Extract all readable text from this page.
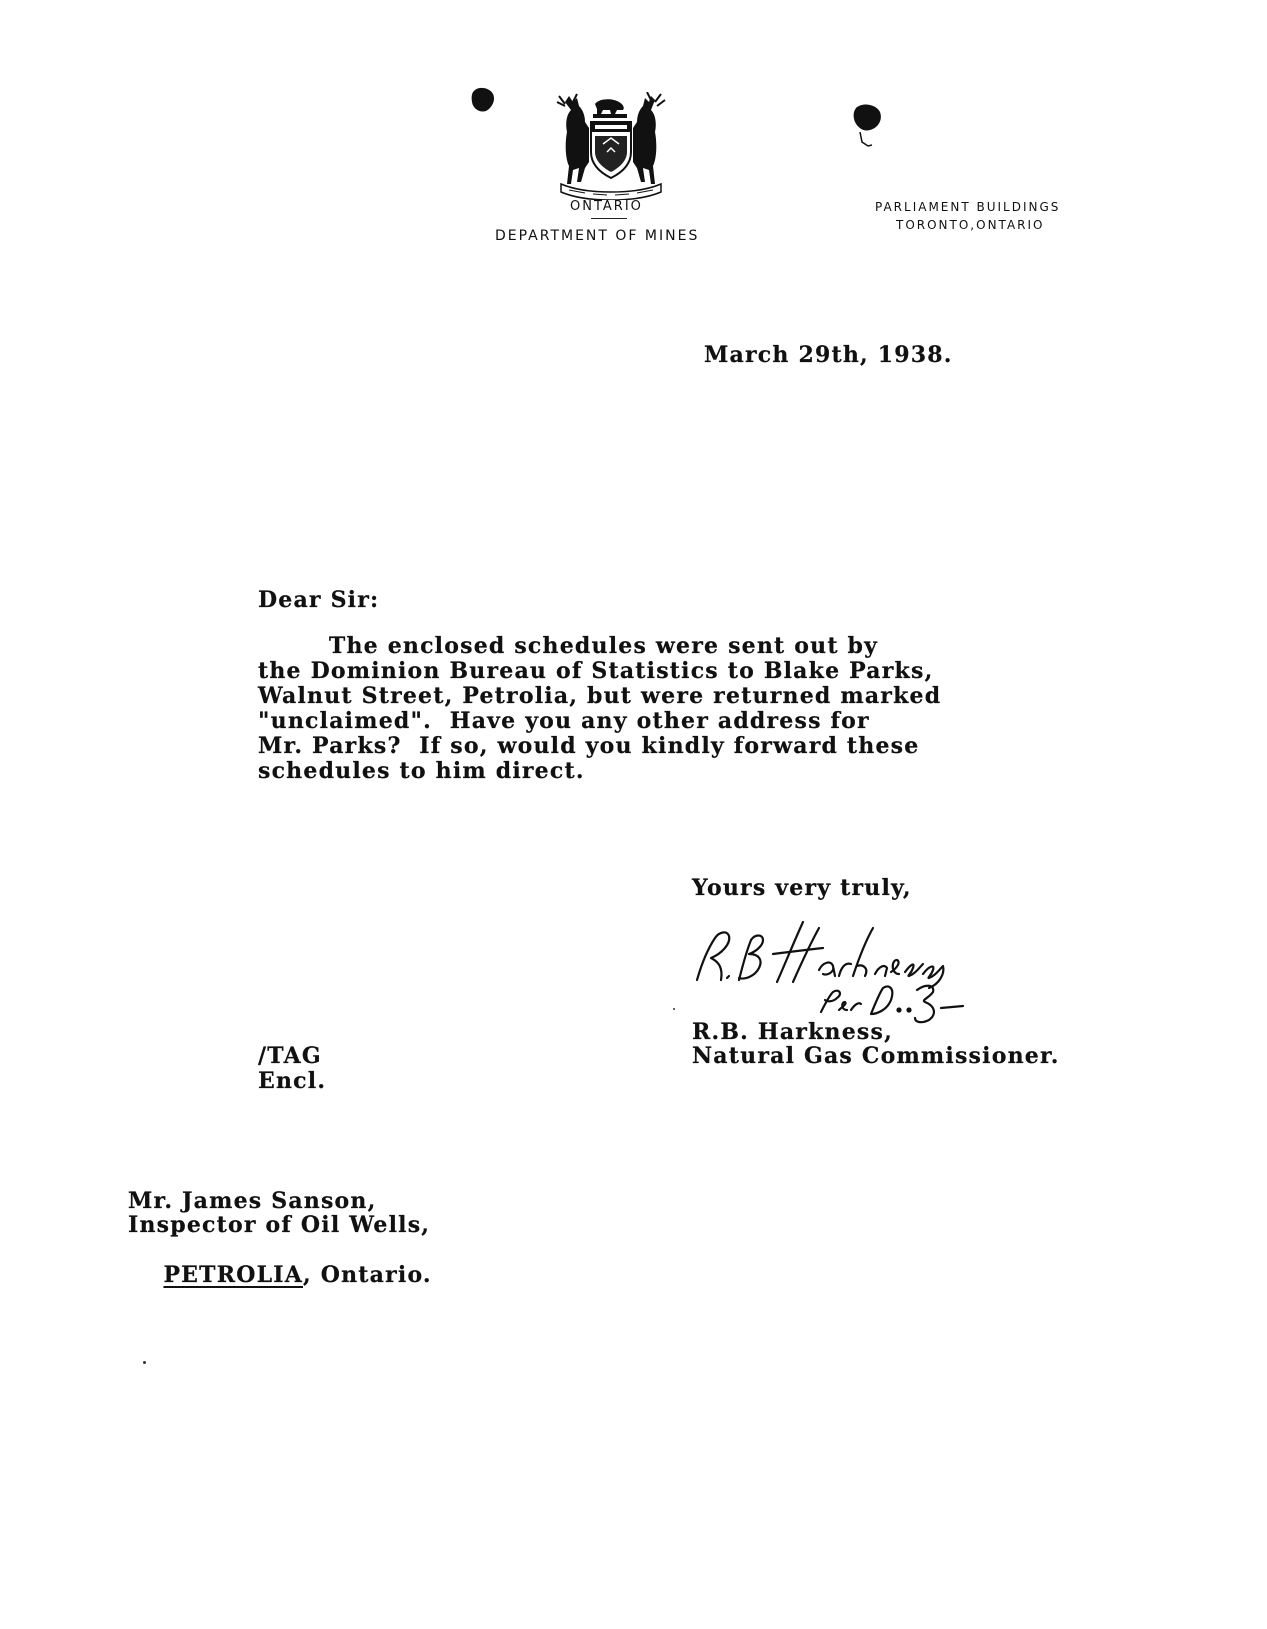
ONTARIO
DEPARTMENT OF MINES
PARLIAMENT BUILDINGS
TORONTO,ONTARIO
March 29th, 1938.
Dear Sir:
The enclosed schedules were sent out by
the Dominion Bureau of Statistics to Blake Parks,
Walnut Street, Petrolia, but were returned marked
"unclaimed".  Have you any other address for
Mr. Parks?  If so, would you kindly forward these
schedules to him direct.
Yours very truly,
R.B. Harkness,
Natural Gas Commissioner.
/TAG
Encl.
Mr. James Sanson,
Inspector of Oil Wells,

PETROLIA, Ontario.
